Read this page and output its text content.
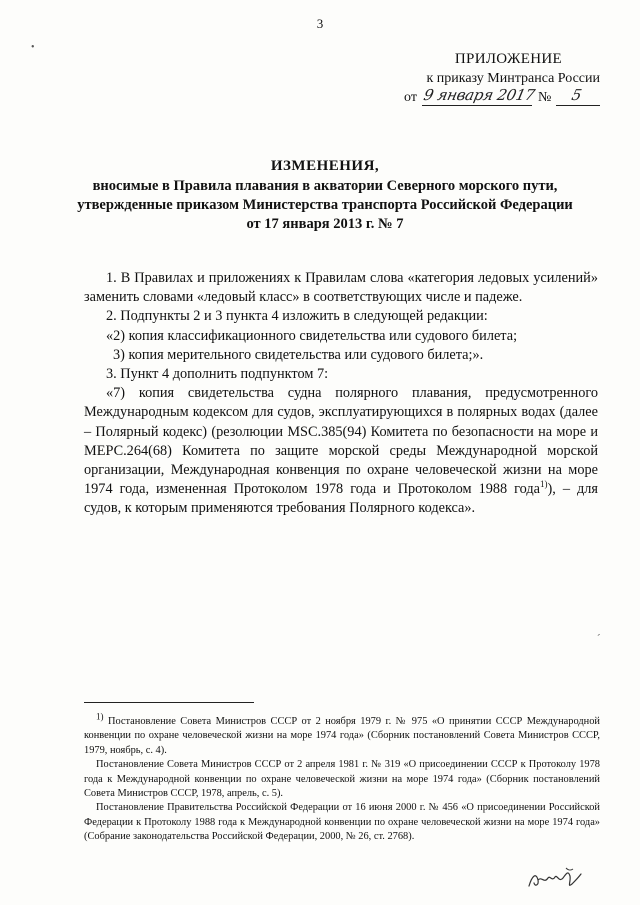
3
ПРИЛОЖЕНИЕ
к приказу Минтранса России
от 9 января 2017 № 5
ИЗМЕНЕНИЯ,
вносимые в Правила плавания в акватории Северного морского пути,
утвержденные приказом Министерства транспорта Российской Федерации
от 17 января 2013 г. № 7

1. В Правилах и приложениях к Правилам слова «категория ледовых усилений» заменить словами «ледовый класс» в соответствующих числе и падеже.

2. Подпункты 2 и 3 пункта 4 изложить в следующей редакции:

«2) копия классификационного свидетельства или судового билета;

3) копия мерительного свидетельства или судового билета;».

3. Пункт 4 дополнить подпунктом 7:

«7) копия свидетельства судна полярного плавания, предусмотренного Международным кодексом для судов, эксплуатирующихся в полярных водах (далее – Полярный кодекс) (резолюции MSC.385(94) Комитета по безопасности на море и МЕРС.264(68) Комитета по защите морской среды Международной морской организации, Международная конвенция по охране человеческой жизни на море 1974 года, измененная Протоколом 1978 года и Протоколом 1988 года$^{1)}$), – для судов, к которым применяются требования Полярного кодекса».

$^{1)}$ Постановление Совета Министров СССР от 2 ноября 1979 г. № 975 «О принятии СССР Международной конвенции по охране человеческой жизни на море 1974 года» (Сборник постановлений Совета Министров СССР, 1979, ноябрь, с. 4).

Постановление Совета Министров СССР от 2 апреля 1981 г. № 319 «О присоединении СССР к Протоколу 1978 года к Международной конвенции по охране человеческой жизни на море 1974 года» (Сборник постановлений Совета Министров СССР, 1978, апрель, с. 5).

Постановление Правительства Российской Федерации от 16 июня 2000 г. № 456 «О присоединении Российской Федерации к Протоколу 1988 года к Международной конвенции по охране человеческой жизни на море 1974 года» (Собрание законодательства Российской Федерации, 2000, № 26, ст. 2768).

•
ʹ
